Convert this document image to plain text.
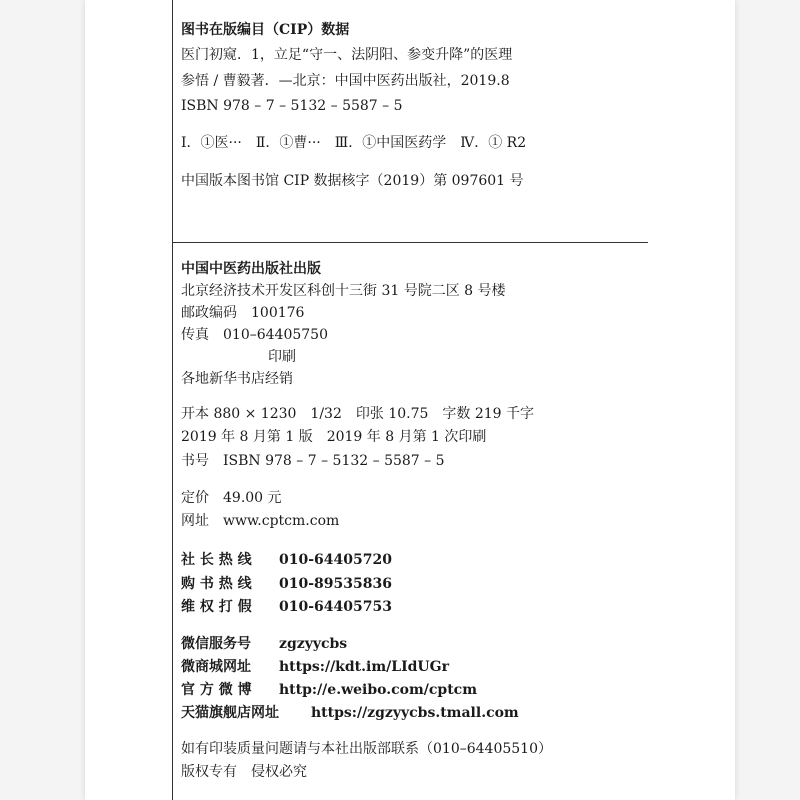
图书在版编目（CIP）数据
医门初窥．1，立足“守一、法阴阳、参变升降”的医理
参悟 / 曹毅著．—北京：中国中医药出版社，2019.8
ISBN 978 – 7 – 5132 – 5587 – 5
Ⅰ．①医···　Ⅱ．①曹···　Ⅲ．①中国医药学　Ⅳ．① R2
中国版本图书馆 CIP 数据核字（2019）第 097601 号
中国中医药出版社出版
北京经济技术开发区科创十三街 31 号院二区 8 号楼
邮政编码　100176
传真　010–64405750
印刷
各地新华书店经销
开本 880 × 1230　1/32　印张 10.75　字数 219 千字
2019 年 8 月第 1 版　2019 年 8 月第 1 次印刷
书号　ISBN 978 – 7 – 5132 – 5587 – 5
定价　49.00 元
网址　www.cptcm.com
社 长 热 线 010-64405720
购 书 热 线 010-89535836
维 权 打 假 010-64405753
微信服务号 zgzyycbs
微商城网址 https://kdt.im/LIdUGr
官 方 微 博 http://e.weibo.com/cptcm
天猫旗舰店网址 https://zgzyycbs.tmall.com
如有印装质量问题请与本社出版部联系（010–64405510）
版权专有　侵权必究
